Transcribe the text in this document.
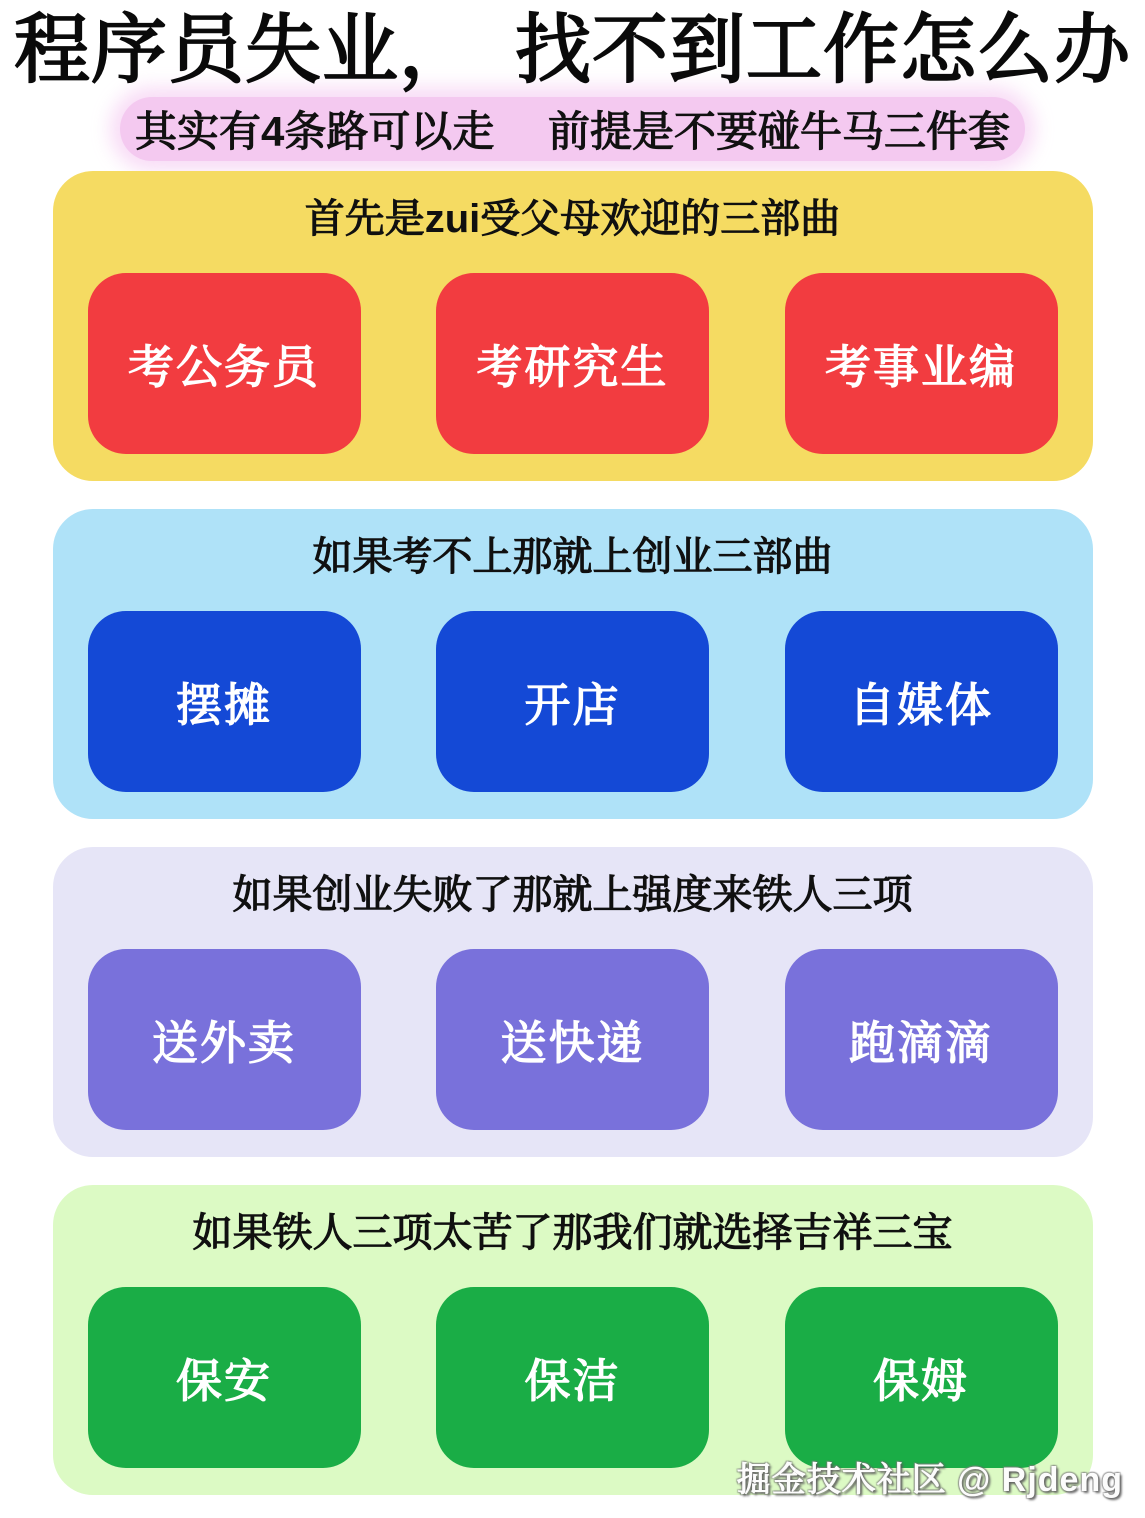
程序员失业，　找不到工作怎么办
其实有4条路可以走　 前提是不要碰牛马三件套
首先是zui受父母欢迎的三部曲
考公务员	考研究生	考事业编
如果考不上那就上创业三部曲
摆摊	开店	自媒体
如果创业失败了那就上强度来铁人三项
送外卖	送快递	跑滴滴
如果铁人三项太苦了那我们就选择吉祥三宝
保安	保洁	保姆
掘金技术社区 @ Rjdeng
